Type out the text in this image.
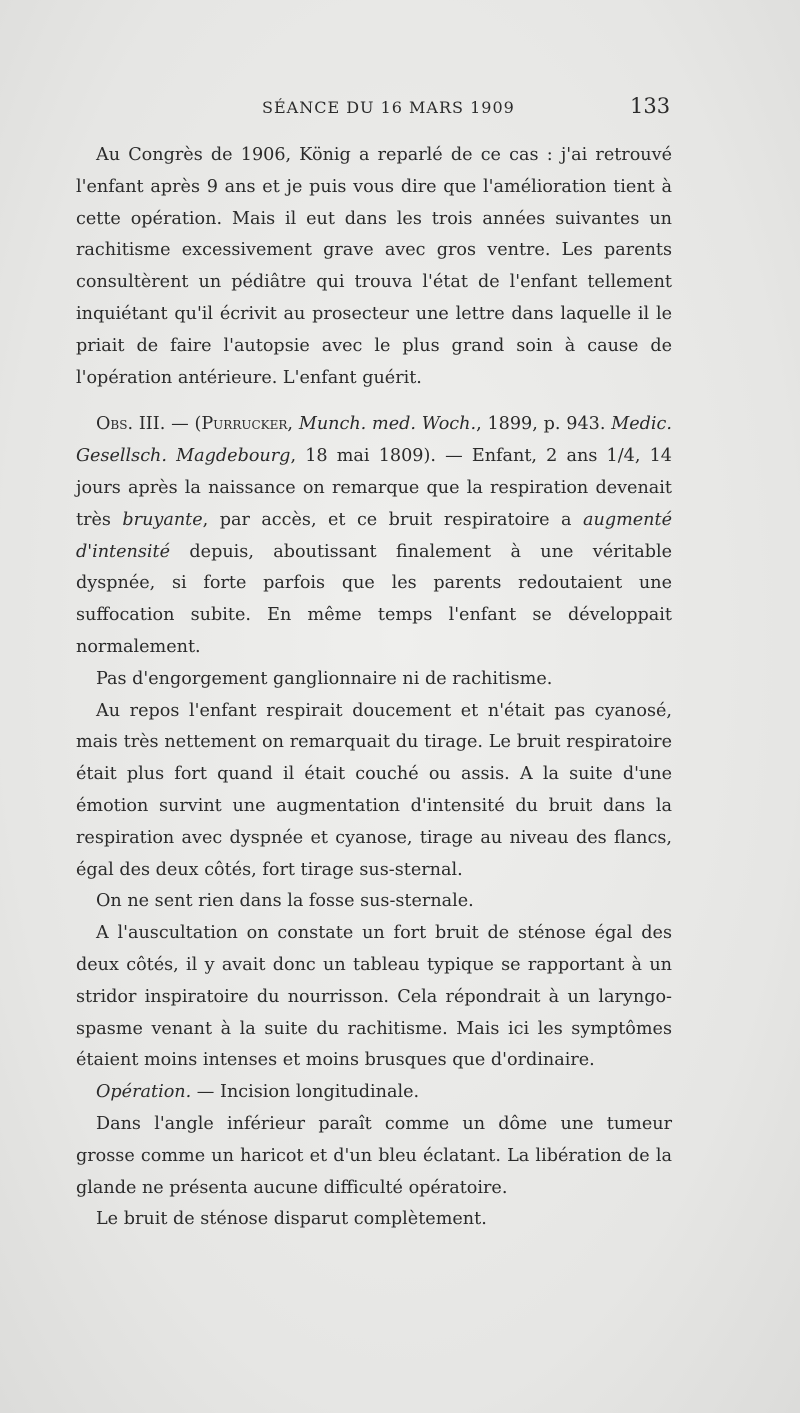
SÉANCE DU 16 MARS 1909	133

Au Congrès de 1906, König a reparlé de ce cas : j'ai retrouvé l'enfant après 9 ans et je puis vous dire que l'amélioration tient à cette opération. Mais il eut dans les trois années suivantes un rachitisme excessivement grave avec gros ventre. Les parents consultèrent un pédiâtre qui trouva l'état de l'enfant tellement inquiétant qu'il écrivit au prosecteur une lettre dans laquelle il le priait de faire l'autopsie avec le plus grand soin à cause de l'opération antérieure. L'enfant guérit.

Obs. III. — (Purrucker, Munch. med. Woch., 1899, p. 943. Medic. Gesellsch. Magdebourg, 18 mai 1809). — Enfant, 2 ans 1/4, 14 jours après la naissance on remarque que la respiration devenait très bruyante, par accès, et ce bruit respiratoire a augmenté d'intensité depuis, aboutissant finalement à une véritable dyspnée, si forte parfois que les parents redoutaient une suffocation subite. En même temps l'enfant se développait normalement.

Pas d'engorgement ganglionnaire ni de rachitisme.

Au repos l'enfant respirait doucement et n'était pas cyanosé, mais très nettement on remarquait du tirage. Le bruit respiratoire était plus fort quand il était couché ou assis. A la suite d'une émotion survint une augmentation d'intensité du bruit dans la respiration avec dyspnée et cyanose, tirage au niveau des flancs, égal des deux côtés, fort tirage sus-sternal.

On ne sent rien dans la fosse sus-sternale.

A l'auscultation on constate un fort bruit de sténose égal des deux côtés, il y avait donc un tableau typique se rapportant à un stridor inspiratoire du nourrisson. Cela répondrait à un laryngo-spasme venant à la suite du rachitisme. Mais ici les symptômes étaient moins intenses et moins brusques que d'ordinaire.

Opération. — Incision longitudinale.

Dans l'angle inférieur paraît comme un dôme une tumeur grosse comme un haricot et d'un bleu éclatant. La libération de la glande ne présenta aucune difficulté opératoire.

Le bruit de sténose disparut complètement.
